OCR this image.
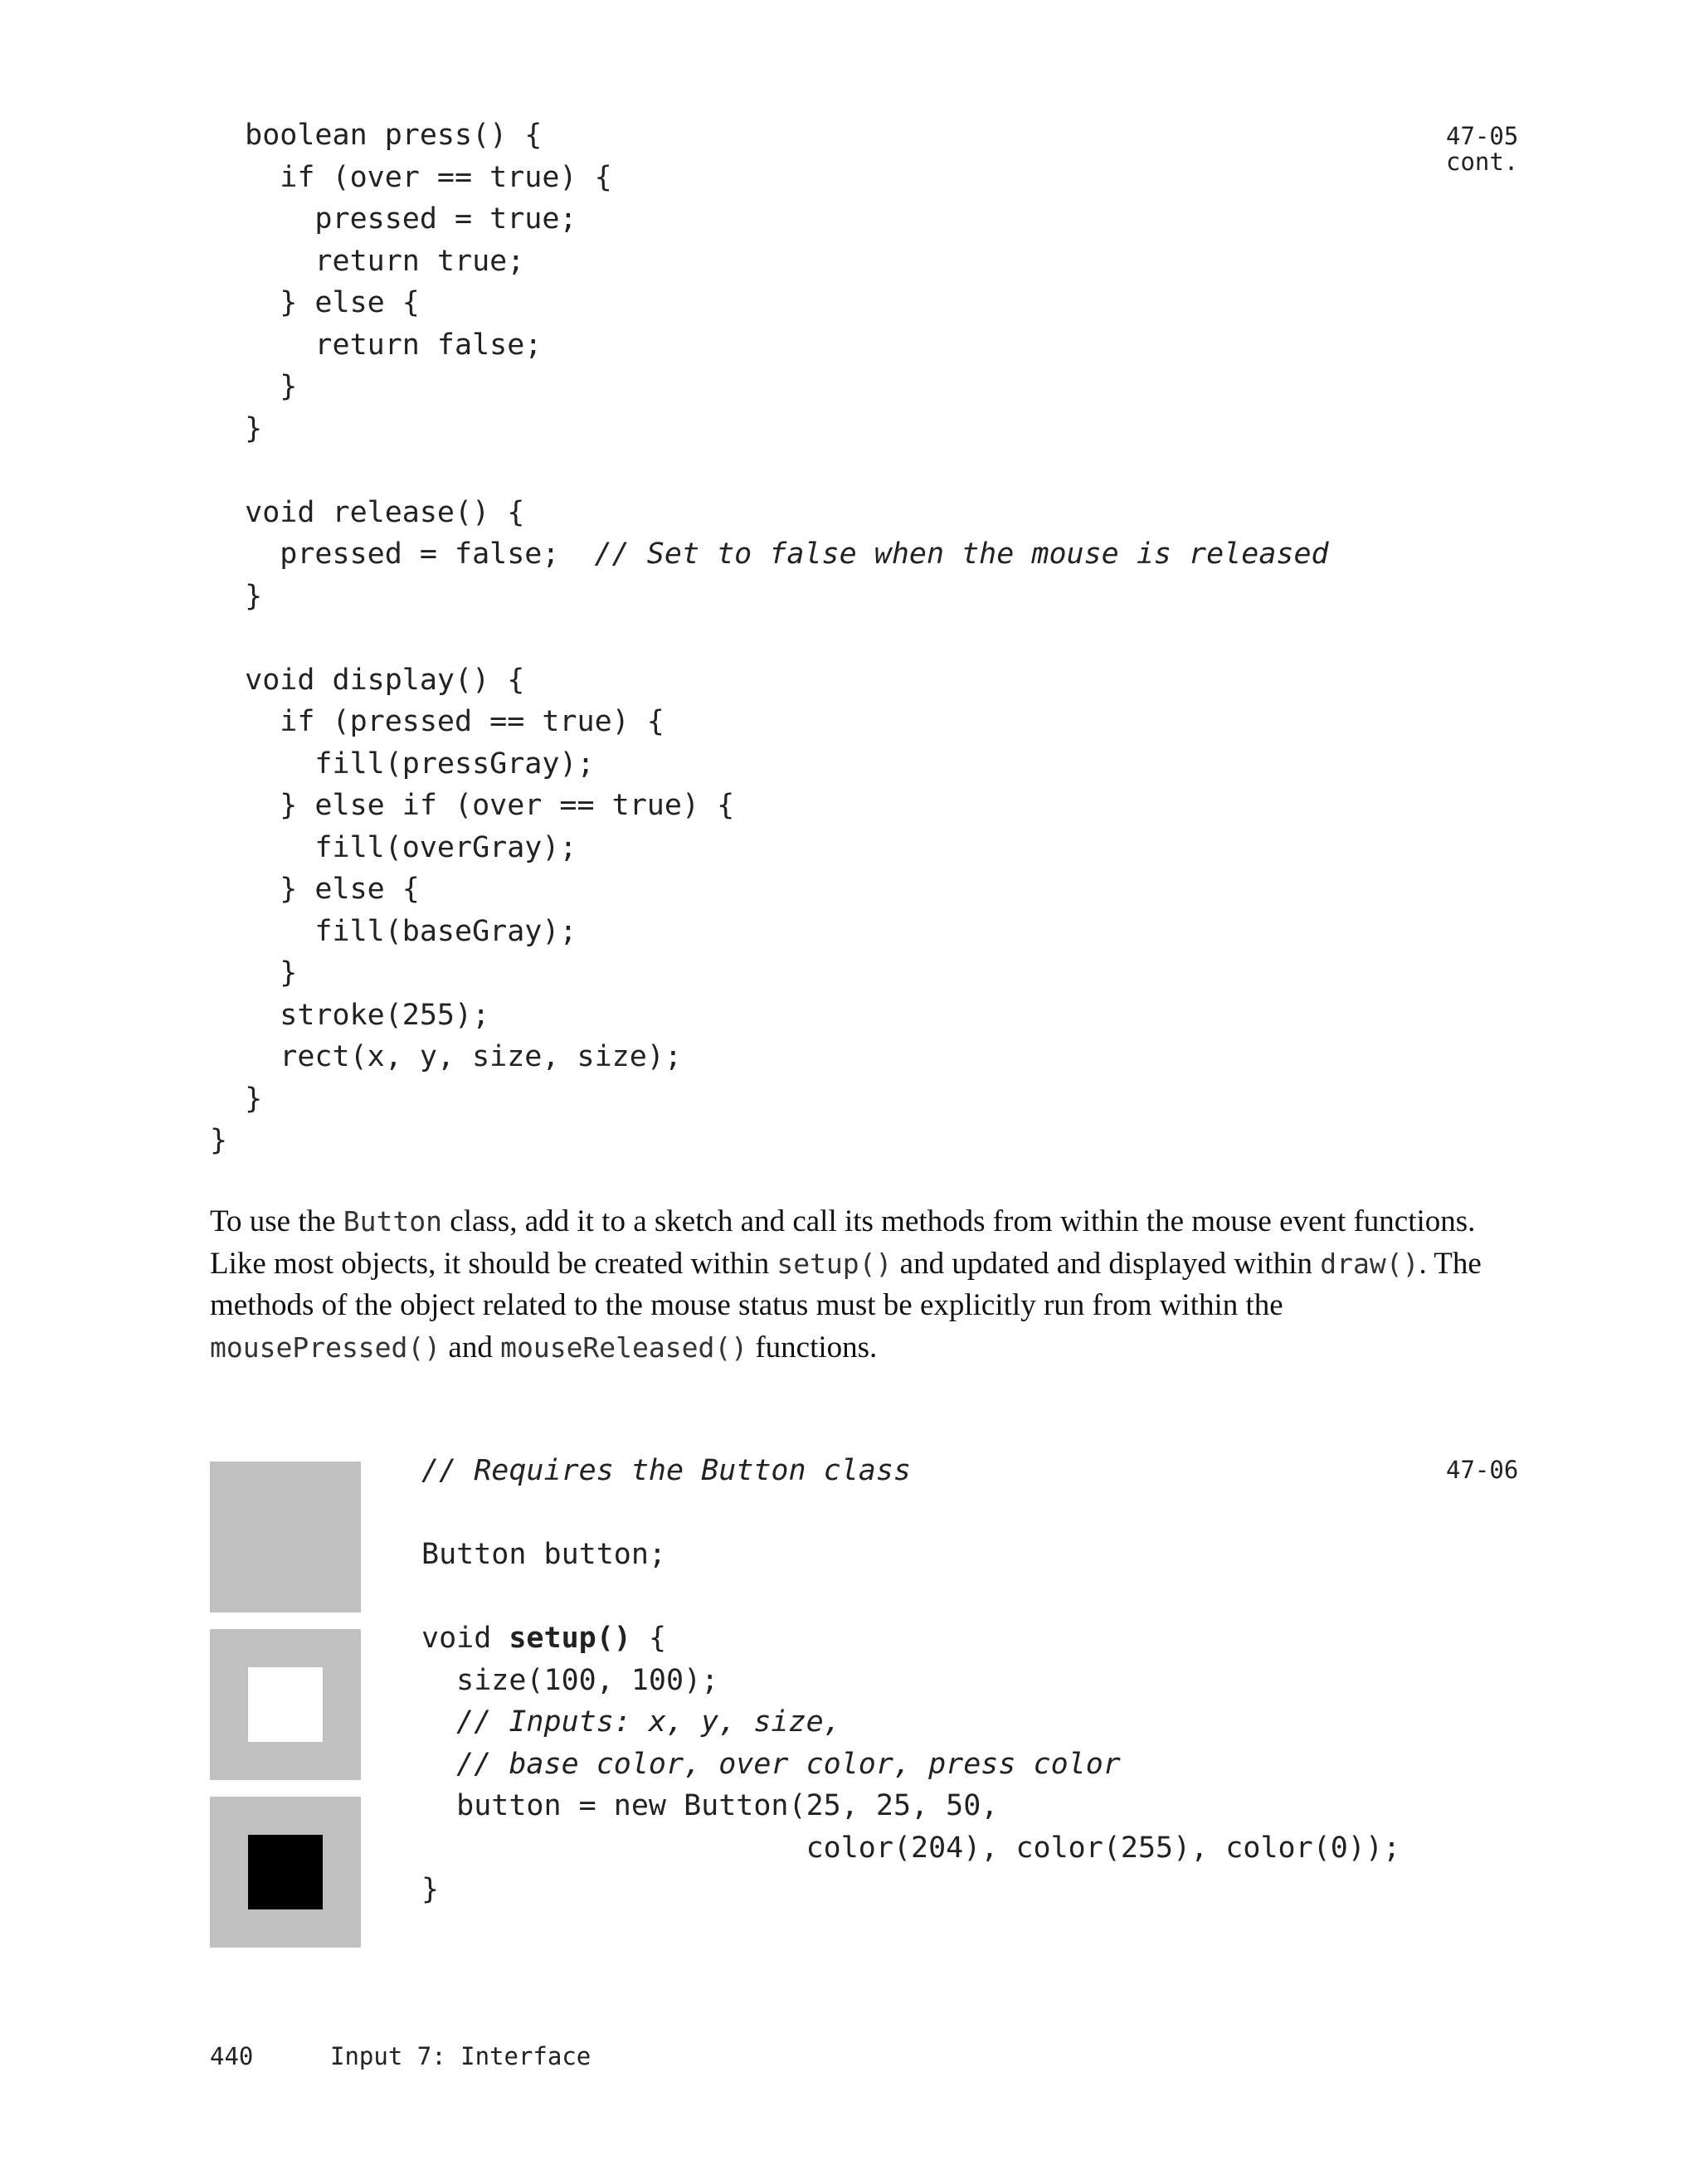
47-05
cont.
boolean press() {
if (over == true) {
pressed = true;
return true;
} else {
return false;
}
}

void release() {
pressed = false;  // Set to false when the mouse is released
}

void display() {
if (pressed == true) {
fill(pressGray);
} else if (over == true) {
fill(overGray);
} else {
fill(baseGray);
}
stroke(255);
rect(x, y, size, size);
}
}

To use the Button class, add it to a sketch and call its methods from within the mouse event functions. Like most objects, it should be created within setup() and updated and displayed within draw(). The methods of the object related to the mouse status must be explicitly run from within the mousePressed() and mouseReleased() functions.

47-06
// Requires the Button class

Button button;

void setup() {
size(100, 100);
// Inputs: x, y, size,
// base color, over color, press color
button = new Button(25, 25, 50,
color(204), color(255), color(0));
}
440	Input 7: Interface
